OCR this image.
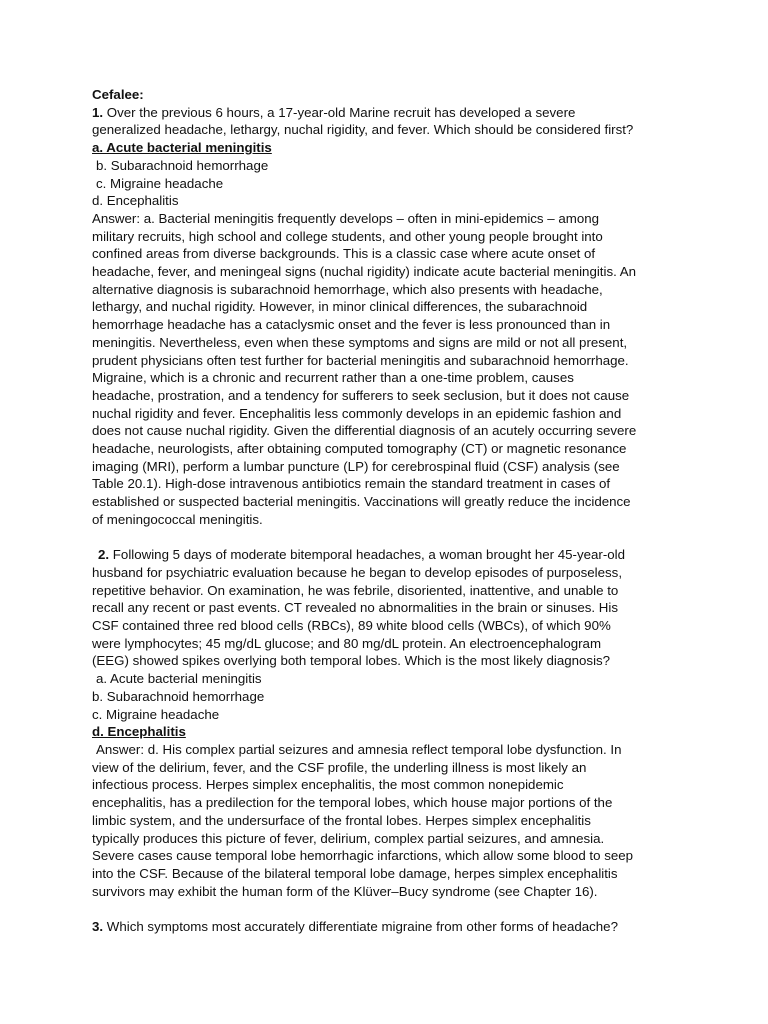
Cefalee:
1. Over the previous 6 hours, a 17-year-old Marine recruit has developed a severe
generalized headache, lethargy, nuchal rigidity, and fever. Which should be considered first?
a. Acute bacterial meningitis
b. Subarachnoid hemorrhage
c. Migraine headache
d. Encephalitis
Answer: a. Bacterial meningitis frequently develops – often in mini-epidemics – among
military recruits, high school and college students, and other young people brought into
confined areas from diverse backgrounds. This is a classic case where acute onset of
headache, fever, and meningeal signs (nuchal rigidity) indicate acute bacterial meningitis. An
alternative diagnosis is subarachnoid hemorrhage, which also presents with headache,
lethargy, and nuchal rigidity. However, in minor clinical differences, the subarachnoid
hemorrhage headache has a cataclysmic onset and the fever is less pronounced than in
meningitis. Nevertheless, even when these symptoms and signs are mild or not all present,
prudent physicians often test further for bacterial meningitis and subarachnoid hemorrhage.
Migraine, which is a chronic and recurrent rather than a one-time problem, causes
headache, prostration, and a tendency for sufferers to seek seclusion, but it does not cause
nuchal rigidity and fever. Encephalitis less commonly develops in an epidemic fashion and
does not cause nuchal rigidity. Given the differential diagnosis of an acutely occurring severe
headache, neurologists, after obtaining computed tomography (CT) or magnetic resonance
imaging (MRI), perform a lumbar puncture (LP) for cerebrospinal fluid (CSF) analysis (see
Table 20.1). High-dose intravenous antibiotics remain the standard treatment in cases of
established or suspected bacterial meningitis. Vaccinations will greatly reduce the incidence
of meningococcal meningitis.
2. Following 5 days of moderate bitemporal headaches, a woman brought her 45-year-old
husband for psychiatric evaluation because he began to develop episodes of purposeless,
repetitive behavior. On examination, he was febrile, disoriented, inattentive, and unable to
recall any recent or past events. CT revealed no abnormalities in the brain or sinuses. His
CSF contained three red blood cells (RBCs), 89 white blood cells (WBCs), of which 90%
were lymphocytes; 45 mg/dL glucose; and 80 mg/dL protein. An electroencephalogram
(EEG) showed spikes overlying both temporal lobes. Which is the most likely diagnosis?
a. Acute bacterial meningitis
b. Subarachnoid hemorrhage
c. Migraine headache
d. Encephalitis
Answer: d. His complex partial seizures and amnesia reflect temporal lobe dysfunction. In
view of the delirium, fever, and the CSF profile, the underling illness is most likely an
infectious process. Herpes simplex encephalitis, the most common nonepidemic
encephalitis, has a predilection for the temporal lobes, which house major portions of the
limbic system, and the undersurface of the frontal lobes. Herpes simplex encephalitis
typically produces this picture of fever, delirium, complex partial seizures, and amnesia.
Severe cases cause temporal lobe hemorrhagic infarctions, which allow some blood to seep
into the CSF. Because of the bilateral temporal lobe damage, herpes simplex encephalitis
survivors may exhibit the human form of the Klüver–Bucy syndrome (see Chapter 16).
3. Which symptoms most accurately differentiate migraine from other forms of headache?
